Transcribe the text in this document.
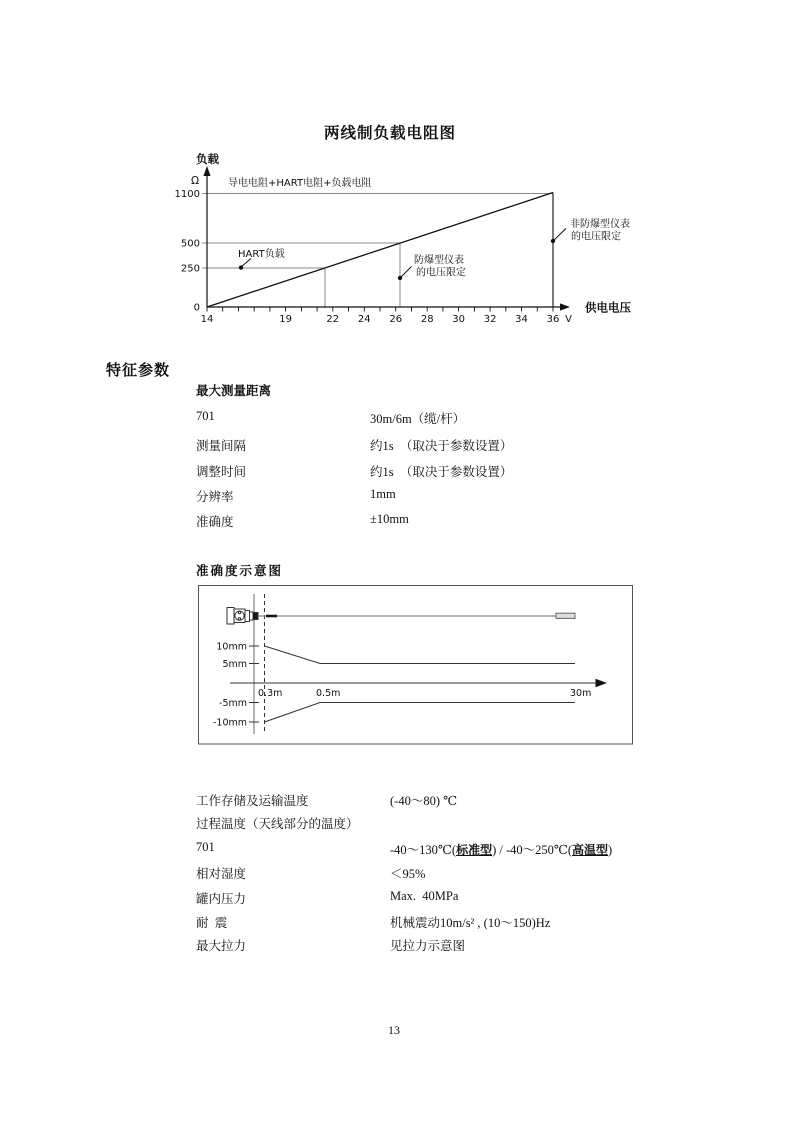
两线制负载电阻图
负载
Ω
1100
500
250
0
导电电阻+HART电阻+负载电阻
HART负载
防爆型仪表
的电压限定
非防爆型仪表
的电压限定
14	19	22 24 26 28 30 32 34 36 V
供电电压
特征参数

最大测量距离

701

	30m/6m（缆/杆）

测量间隔

	约1s  （取决于参数设置）

调整时间

	约1s  （取决于参数设置）

分辨率

	1mm

准确度

	±10mm

准确度示意图
10mm
5mm
-5mm
-10mm
0.3m	0.5m	30m

工作存储及运输温度

	(-40～80) ℃

过程温度（天线部分的温度）

701

	-40～130℃(标准型) / -40～250℃(高温型)

相对湿度

	＜95%

罐内压力

	Max.  40MPa

耐  震

	机械震动10m/s² , (10～150)Hz

最大拉力

	见拉力示意图

13
